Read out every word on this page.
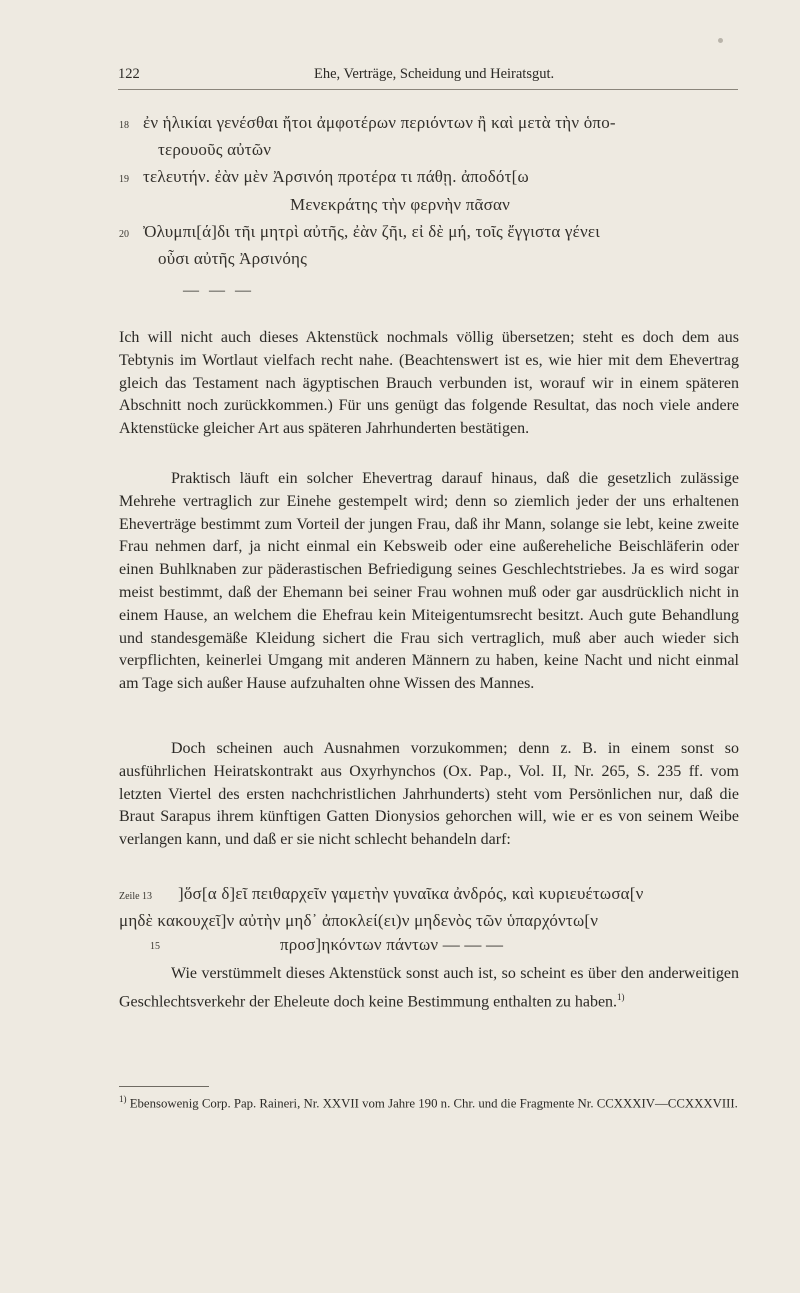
122	Ehe, Verträge, Scheidung und Heiratsgut.
18 ἐν ἡλικίαι γενέσθαι ἤτοι ἀμφοτέρων περιόντων ἢ καὶ μετὰ τὴν ὁπο-
τερουοῦς αὐτῶν
19 τελευτήν. ἐὰν μὲν Ἀρσινόη προτέρα τι πάθῃ. ἀποδότ[ω
Μενεκράτης τὴν φερνὴν πᾶσαν
20 Ὀλυμπι[ά]δι τῆι μητρὶ αὐτῆς, ἐὰν ζῆι, εἰ δὲ μή, τοῖς ἔγγιστα γένει
οὖσι αὐτῆς Ἀρσινόης
— — —

Ich will nicht auch dieses Aktenstück nochmals völlig übersetzen; steht es doch dem aus Tebtynis im Wortlaut vielfach recht nahe. (Beachtenswert ist es, wie hier mit dem Ehevertrag gleich das Testament nach ägyptischen Brauch verbunden ist, worauf wir in einem späteren Abschnitt noch zurückkommen.) Für uns genügt das folgende Resultat, das noch viele andere Aktenstücke gleicher Art aus späteren Jahrhunderten bestätigen.

Praktisch läuft ein solcher Ehevertrag darauf hinaus, daß die gesetzlich zulässige Mehrehe vertraglich zur Einehe gestempelt wird; denn so ziemlich jeder der uns erhaltenen Eheverträge bestimmt zum Vorteil der jungen Frau, daß ihr Mann, solange sie lebt, keine zweite Frau nehmen darf, ja nicht einmal ein Kebsweib oder eine außereheliche Beischläferin oder einen Buhlknaben zur päderastischen Befriedigung seines Geschlechtstriebes. Ja es wird sogar meist bestimmt, daß der Ehemann bei seiner Frau wohnen muß oder gar ausdrücklich nicht in einem Hause, an welchem die Ehefrau kein Miteigentumsrecht besitzt. Auch gute Behandlung und standesgemäße Kleidung sichert die Frau sich vertraglich, muß aber auch wieder sich verpflichten, keinerlei Umgang mit anderen Männern zu haben, keine Nacht und nicht einmal am Tage sich außer Hause aufzuhalten ohne Wissen des Mannes.

Doch scheinen auch Ausnahmen vorzukommen; denn z. B. in einem sonst so ausführlichen Heiratskontrakt aus Oxyrhynchos (Ox. Pap., Vol. II, Nr. 265, S. 235 ff. vom letzten Viertel des ersten nachchristlichen Jahrhunderts) steht vom Persönlichen nur, daß die Braut Sarapus ihrem künftigen Gatten Dionysios gehorchen will, wie er es von seinem Weibe verlangen kann, und daß er sie nicht schlecht behandeln darf:

Zeile 13 ]ὅσ[α δ]εῖ πειθαρχεῖν γαμετὴν γυναῖκα ἀνδρός, καὶ κυριευέτωσα[ν
μηδὲ κακουχεῖ]ν αὐτὴν μηδ᾽ ἀποκλεί(ει)ν μηδενὸς τῶν ὑπαρχόντω[ν
15	προσ]ηκόντων πάντων — — —

Wie verstümmelt dieses Aktenstück sonst auch ist, so scheint es über den anderweitigen Geschlechtsverkehr der Eheleute doch keine Bestimmung enthalten zu haben.$^{1)}$

$^{1)}$ Ebensowenig Corp. Pap. Raineri, Nr. XXVII vom Jahre 190 n. Chr. und die Fragmente Nr. CCXXXIV—CCXXXVIII.
